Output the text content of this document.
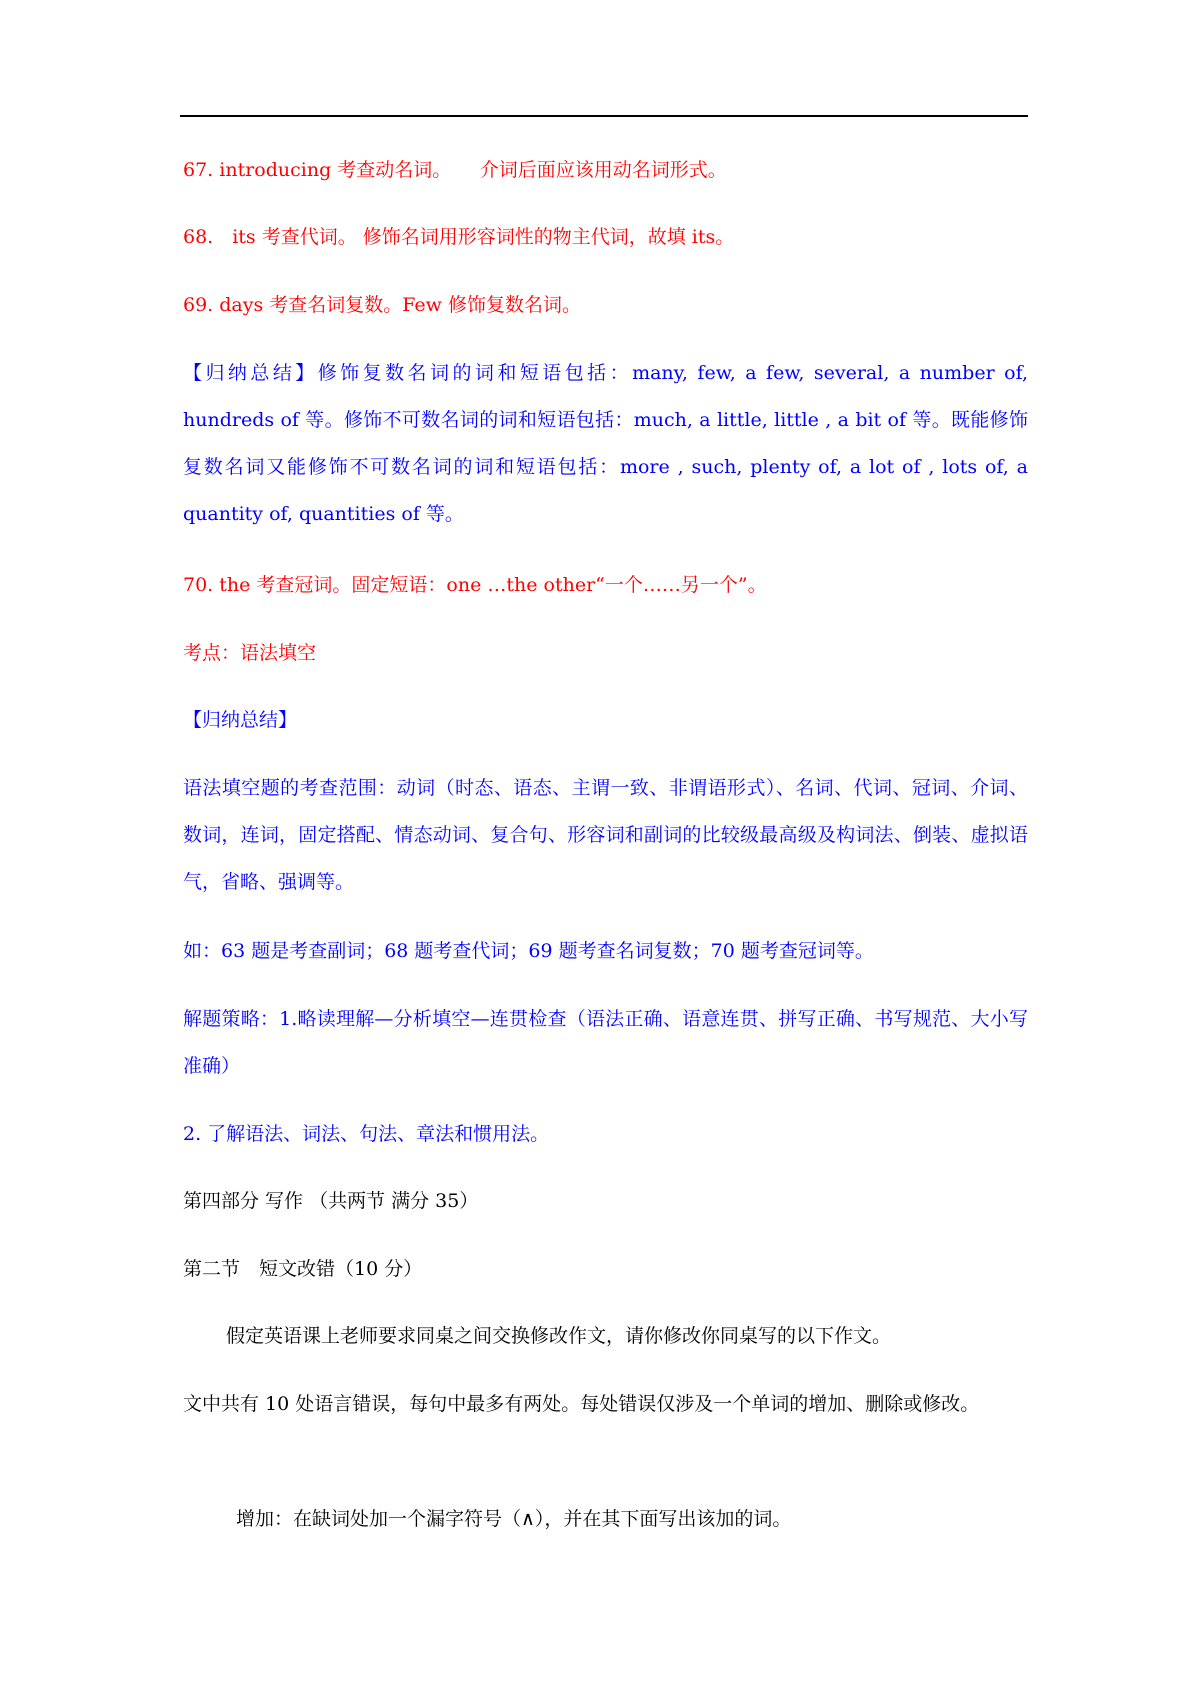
67. introducing 考查动名词。　　介词后面应该用动名词形式。
68.　its 考查代词。 修饰名词用形容词性的物主代词，故填 its。
69. days 考查名词复数。Few 修饰复数名词。
【归纳总结】修饰复数名词的词和短语包括：many, few, a few, several, a number of, hundreds of 等。修饰不可数名词的词和短语包括：much, a little, little , a bit of 等。既能修饰复数名词又能修饰不可数名词的词和短语包括：more , such, plenty of, a lot of , lots of, a quantity of, quantities of 等。
70. the 考查冠词。固定短语：one …the other“一个……另一个”。
考点：语法填空
【归纳总结】
语法填空题的考查范围：动词（时态、语态、主谓一致、非谓语形式）、名词、代词、冠词、介词、数词，连词，固定搭配、情态动词、复合句、形容词和副词的比较级最高级及构词法、倒装、虚拟语气，省略、强调等。
如：63 题是考查副词；68 题考查代词；69 题考查名词复数；70 题考查冠词等。
解题策略：1.略读理解—分析填空—连贯检查（语法正确、语意连贯、拼写正确、书写规范、大小写准确）
2. 了解语法、词法、句法、章法和惯用法。
第四部分 写作 （共两节 满分 35）
第二节　短文改错（10 分）
假定英语课上老师要求同桌之间交换修改作文，请你修改你同桌写的以下作文。
文中共有 10 处语言错误，每句中最多有两处。每处错误仅涉及一个单词的增加、删除或修改。
增加：在缺词处加一个漏字符号（∧），并在其下面写出该加的词。
